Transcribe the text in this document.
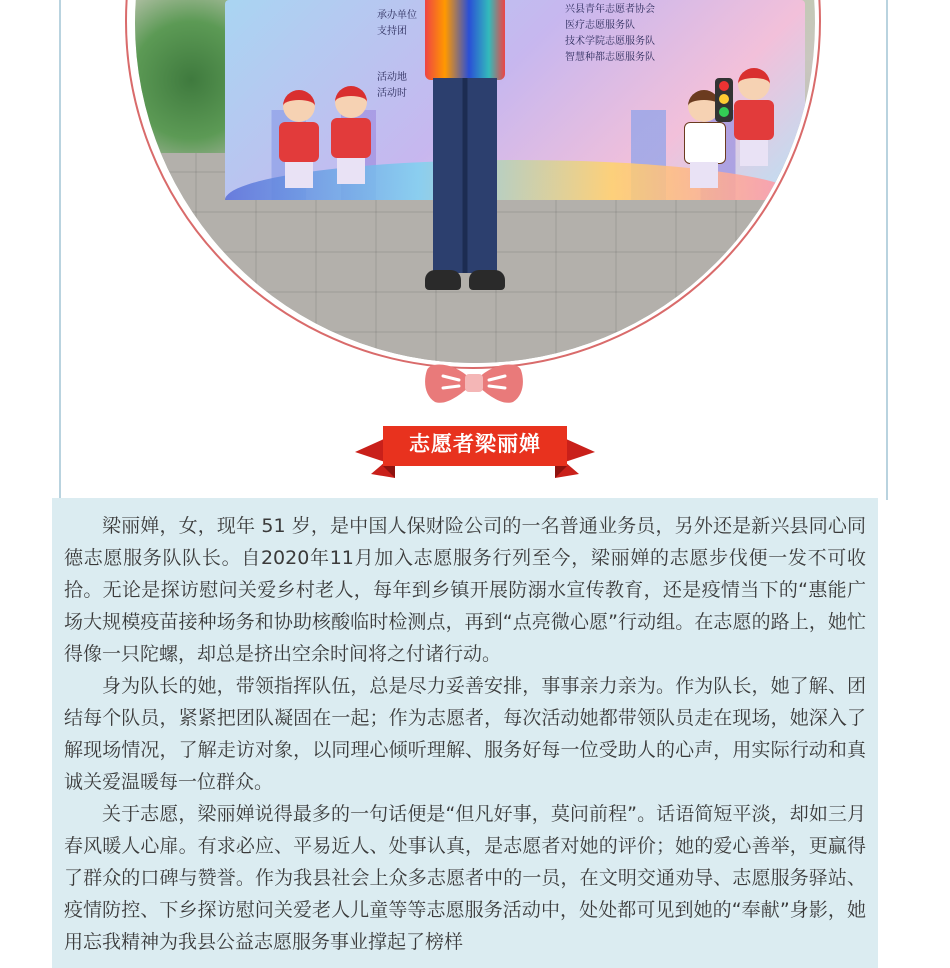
承办单位
支持团
活动地
活动时
兴县青年志愿者协会
医疗志愿服务队
技术学院志愿服务队
智慧种都志愿服务队
志愿者梁丽婵

梁丽婵，女，现年 51 岁，是中国人保财险公司的一名普通业务员，另外还是新兴县同心同德志愿服务队队长。自2020年11月加入志愿服务行列至今，梁丽婵的志愿步伐便一发不可收拾。无论是探访慰问关爱乡村老人，每年到乡镇开展防溺水宣传教育，还是疫情当下的“惠能广场大规模疫苗接种场务和协助核酸临时检测点，再到“点亮微心愿”行动组。在志愿的路上，她忙得像一只陀螺，却总是挤出空余时间将之付诸行动。

身为队长的她，带领指挥队伍，总是尽力妥善安排，事事亲力亲为。作为队长，她了解、团结每个队员，紧紧把团队凝固在一起；作为志愿者，每次活动她都带领队员走在现场，她深入了解现场情况，了解走访对象，以同理心倾听理解、服务好每一位受助人的心声，用实际行动和真诚关爱温暖每一位群众。

关于志愿，梁丽婵说得最多的一句话便是“但凡好事，莫问前程”。话语简短平淡，却如三月春风暖人心扉。有求必应、平易近人、处事认真，是志愿者对她的评价；她的爱心善举，更赢得了群众的口碑与赞誉。作为我县社会上众多志愿者中的一员，在文明交通劝导、志愿服务驿站、疫情防控、下乡探访慰问关爱老人儿童等等志愿服务活动中，处处都可见到她的“奉献”身影，她用忘我精神为我县公益志愿服务事业撑起了榜样
